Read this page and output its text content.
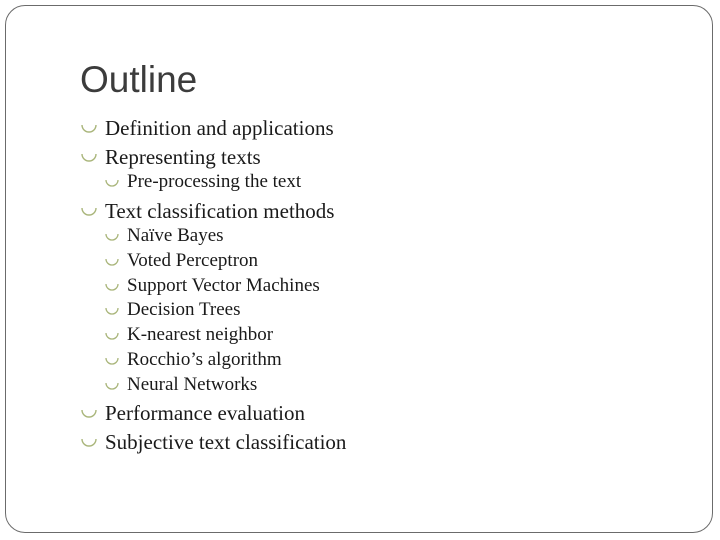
Outline
Definition and applications
Representing texts
Pre-processing the text
Text classification methods
Naïve Bayes
Voted Perceptron
Support Vector Machines
Decision Trees
K-nearest neighbor
Rocchio’s algorithm
Neural Networks
Performance evaluation
Subjective text classification
